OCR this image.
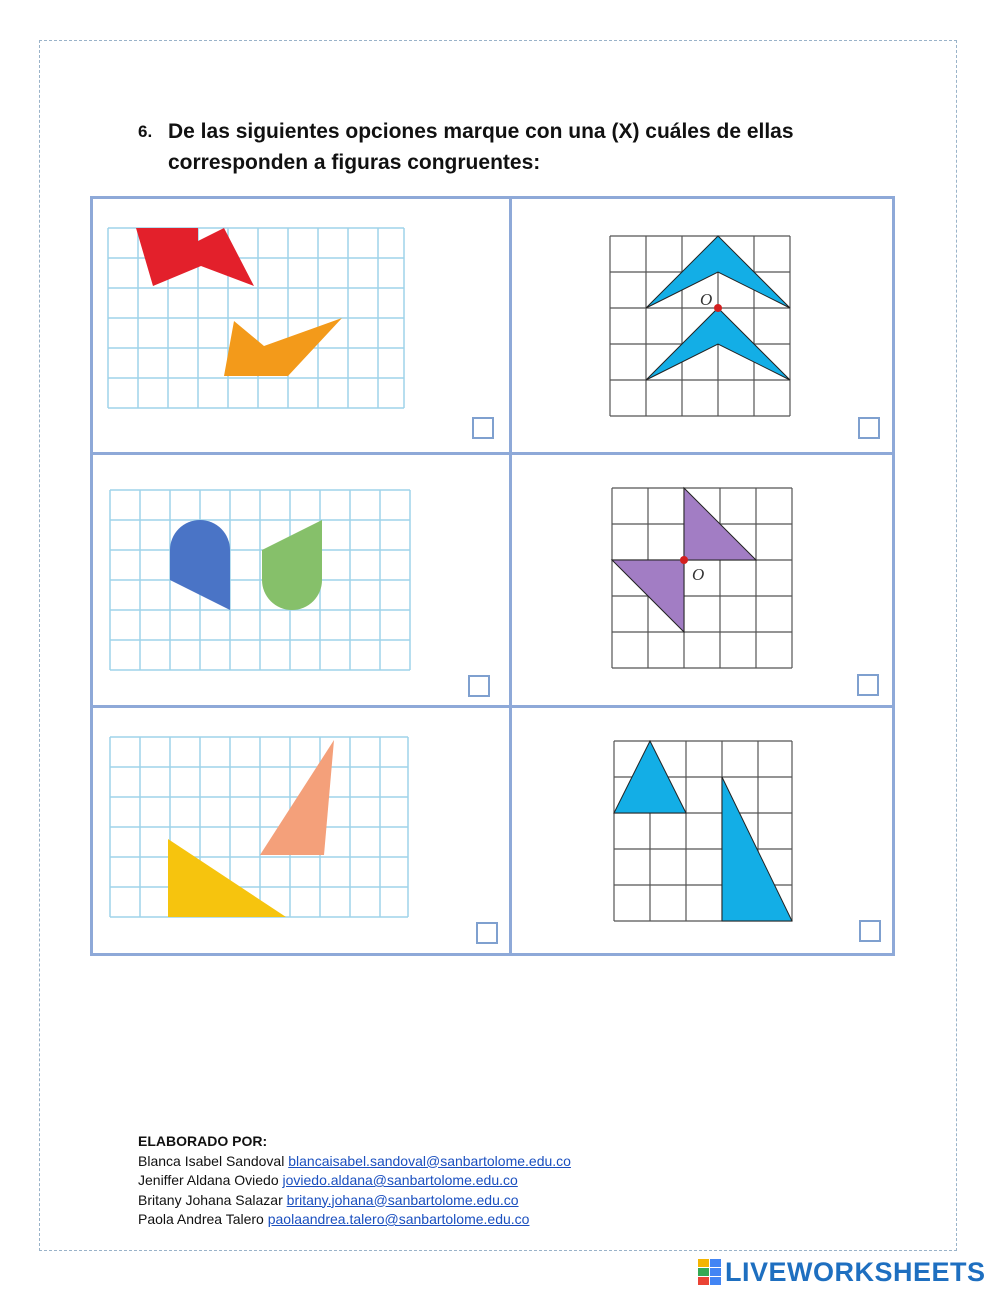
6. De las siguientes opciones marque con una (X) cuáles de ellas corresponden a figuras congruentes:
O
O
ELABORADO POR:
Blanca Isabel Sandoval blancaisabel.sandoval@sanbartolome.edu.co
Jeniffer Aldana Oviedo joviedo.aldana@sanbartolome.edu.co
Britany Johana Salazar britany.johana@sanbartolome.edu.co
Paola Andrea Talero paolaandrea.talero@sanbartolome.edu.co
LIVEWORKSHEETS
